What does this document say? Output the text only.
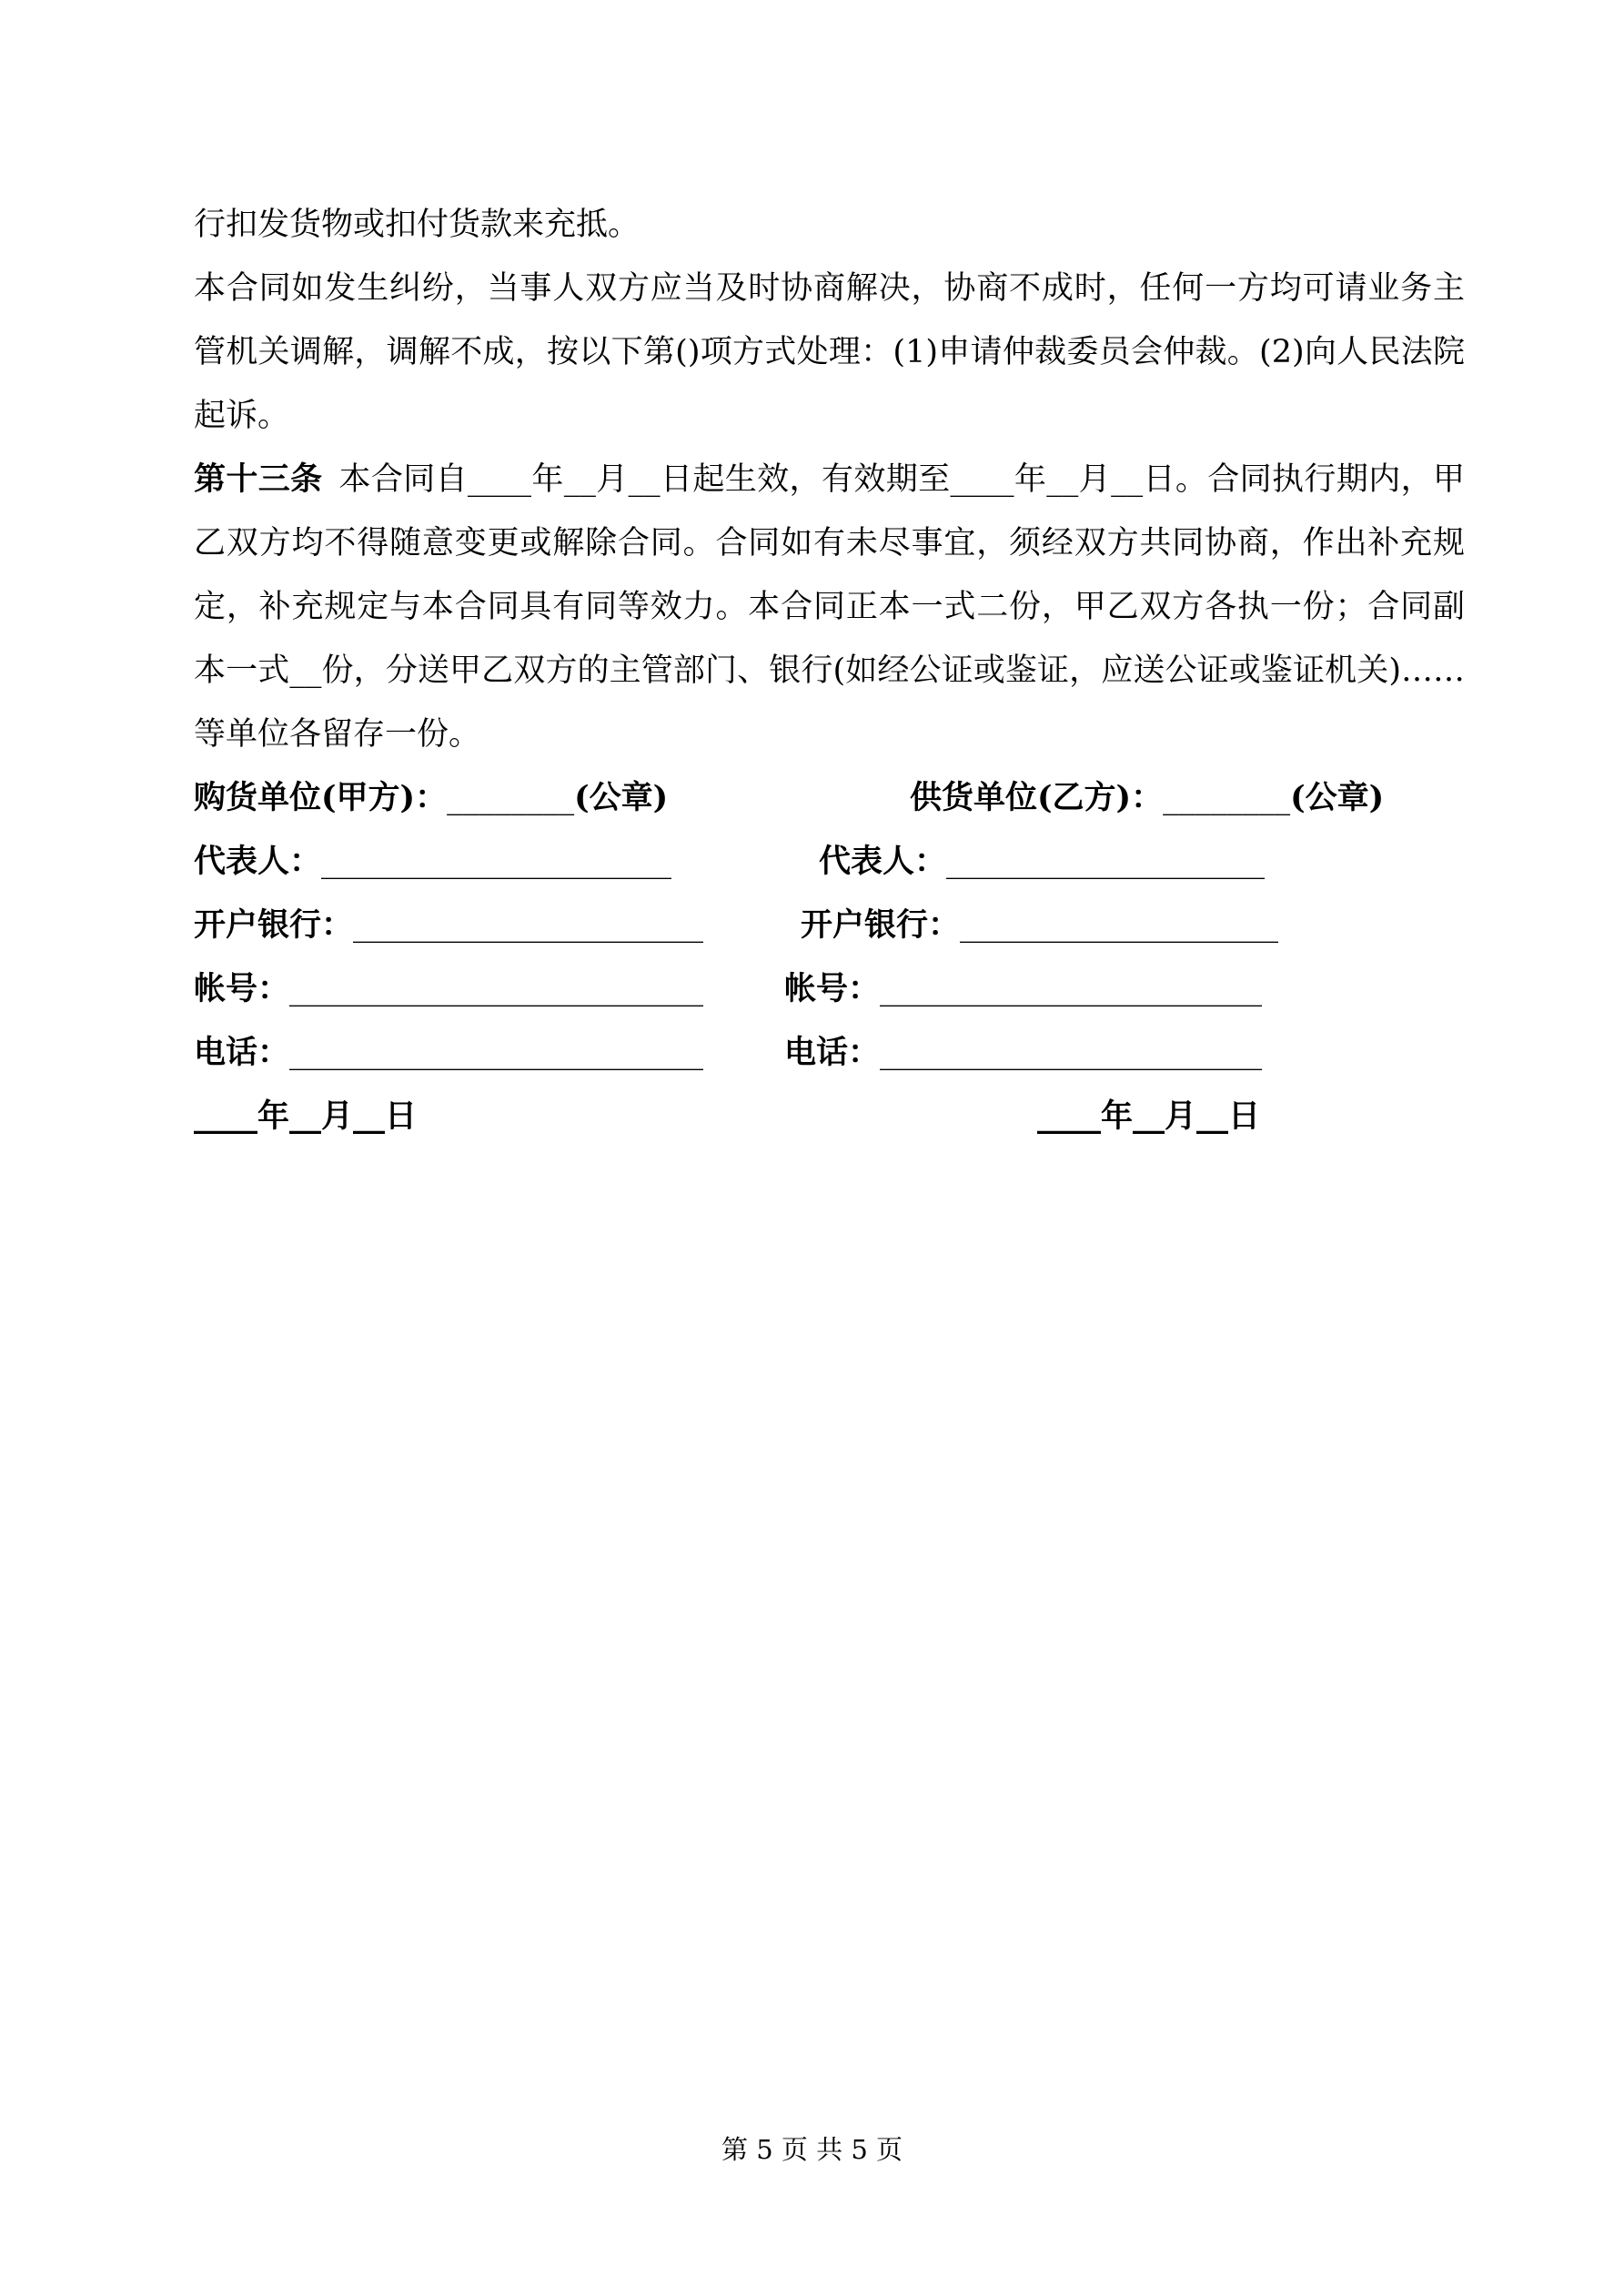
行扣发货物或扣付货款来充抵。

本合同如发生纠纷，当事人双方应当及时协商解决，协商不成时，任何一方均可请业务主管机关调解，调解不成，按以下第()项方式处理：(1)申请仲裁委员会仲裁。(2)向人民法院起诉。

第十三条 本合同自____年__月__日起生效，有效期至____年__月__日。合同执行期内，甲乙双方均不得随意变更或解除合同。合同如有未尽事宜，须经双方共同协商，作出补充规定，补充规定与本合同具有同等效力。本合同正本一式二份，甲乙双方各执一份；合同副本一式__份，分送甲乙双方的主管部门、银行(如经公证或鉴证，应送公证或鉴证机关)……等单位各留存一份。

购货单位(甲方)：________(公章)	供货单位(乙方)：________(公章)
代表人：______________________	代表人：____________________
开户银行：______________________	开户银行：____________________
帐号：__________________________	帐号：________________________
电话：__________________________	电话：________________________
____年__月__日	____年__月__日
第 5 页 共 5 页
